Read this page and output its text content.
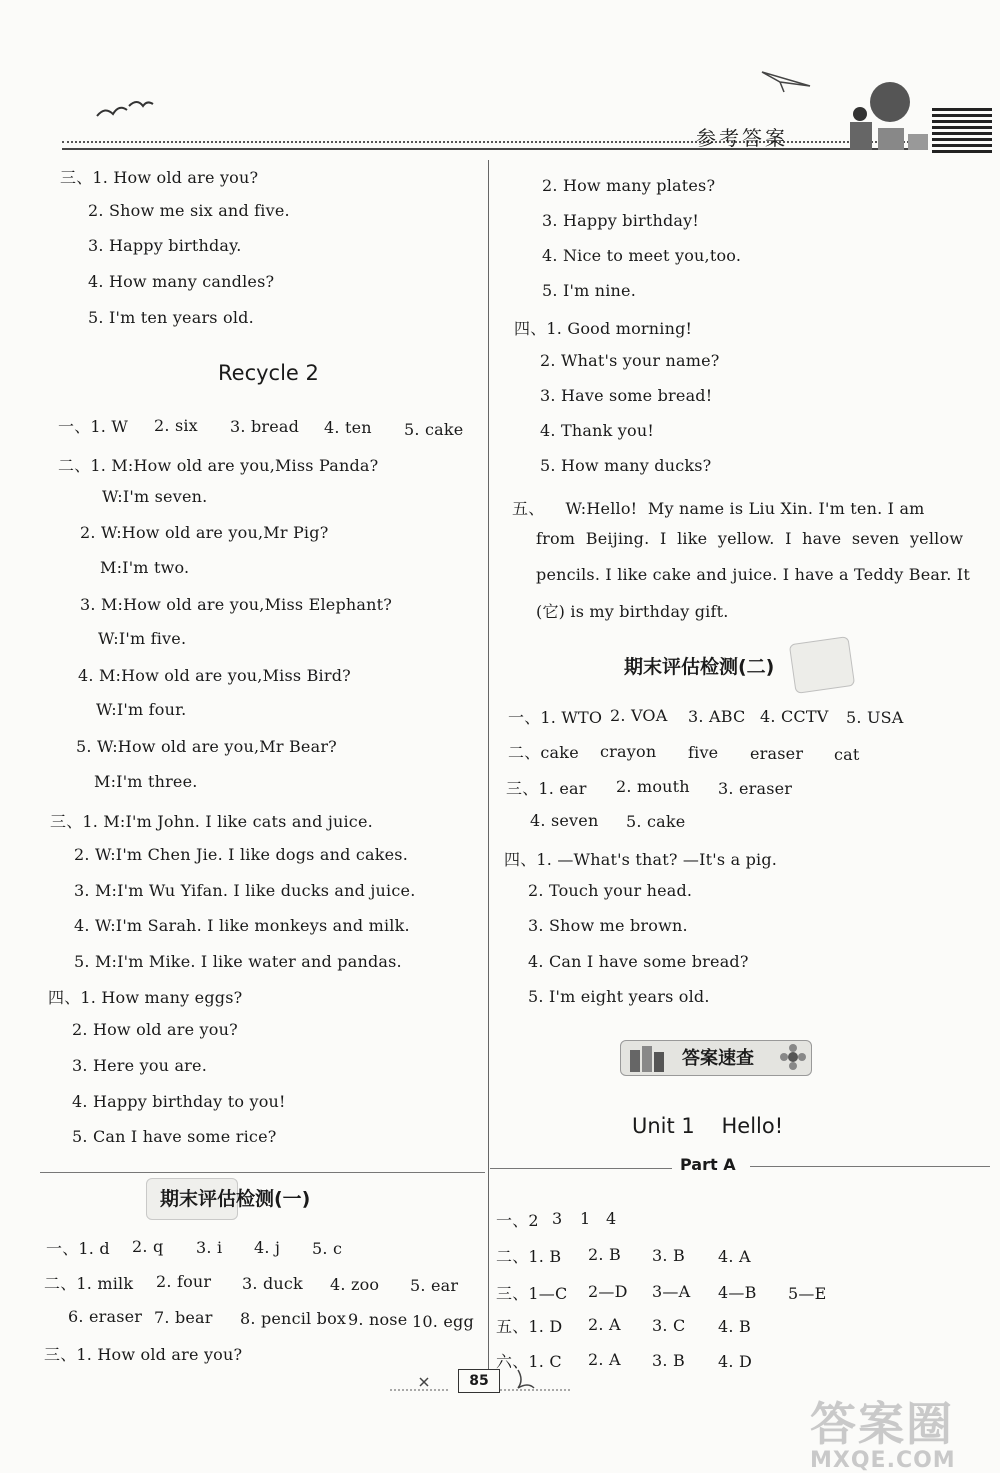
参考答案
三、1. How old are you?
2. Show me six and five.
3. Happy birthday.
4. How many candles?
5. I'm ten years old.
Recycle 2
一、1. W 2. six 3. bread 4. ten 5. cake
二、1. M:How old are you,Miss Panda?
W:I'm seven.
2. W:How old are you,Mr Pig?
M:I'm two.
3. M:How old are you,Miss Elephant?
W:I'm five.
4. M:How old are you,Miss Bird?
W:I'm four.
5. W:How old are you,Mr Bear?
M:I'm three.
三、1. M:I'm John. I like cats and juice.
2. W:I'm Chen Jie. I like dogs and cakes.
3. M:I'm Wu Yifan. I like ducks and juice.
4. W:I'm Sarah. I like monkeys and milk.
5. M:I'm Mike. I like water and pandas.
四、1. How many eggs?
2. How old are you?
3. Here you are.
4. Happy birthday to you!
5. Can I have some rice?
期末评估检测(一)
一、1. d 2. q 3. i 4. j 5. c
二、1. milk 2. four 3. duck 4. zoo 5. ear
6. eraser 7. bear 8. pencil box 9. nose 10. egg
三、1. How old are you?
2. How many plates?
3. Happy birthday!
4. Nice to meet you,too.
5. I'm nine.
四、1. Good morning!
2. What's your name?
3. Have some bread!
4. Thank you!
5. How many ducks?
五、    W:Hello!  My name is Liu Xin. I'm ten. I am
from  Beijing.  I  like  yellow.  I  have  seven  yellow
pencils. I like cake and juice. I have a Teddy Bear. It
(它) is my birthday gift.
期末评估检测(二)
一、1. WTO 2. VOA 3. ABC 4. CCTV 5. USA
二、cake crayon five eraser cat
三、1. ear 2. mouth 3. eraser
4. seven 5. cake
四、1. —What's that? —It's a pig.
2. Touch your head.
3. Show me brown.
4. Can I have some bread?
5. I'm eight years old.
答案速查
Unit 1    Hello!
Part A
一、2 3 1 4
二、1. B 2. B 3. B 4. A
三、1—C 2—D 3—A 4—B 5—E
五、1. D 2. A 3. C 4. B
六、1. C 2. A 3. B 4. D
85
答案圈
MXQE.COM
